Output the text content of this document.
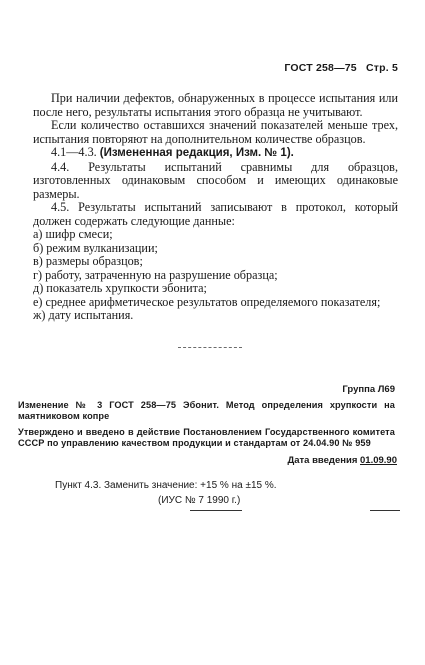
ГОСТ 258—75 Стр. 5

При наличии дефектов, обнаруженных в процессе испытания или после него, результаты испытания этого образца не учитывают.

Если количество оставшихся значений показателей меньше трех, испытания повторяют на дополнительном количестве образцов.

4.1—4.3. (Измененная редакция, Изм. № 1).

4.4. Результаты испытаний сравнимы для образцов, изготовленных одинаковым способом и имеющих одинаковые размеры.

4.5. Результаты испытаний записывают в протокол, который должен содержать следующие данные:

а) шифр смеси;
б) режим вулканизации;
в) размеры образцов;
г) работу, затраченную на разрушение образца;
д) показатель хрупкости эбонита;
е) среднее арифметическое результатов определяемого показателя;
ж) дату испытания.
Группа Л69
Изменение № 3 ГОСТ 258—75 Эбонит. Метод определения хрупкости на маятниковом копре
Утверждено и введено в действие Постановлением Государственного комитета СССР по управлению качеством продукции и стандартам от 24.04.90 № 959
Дата введения 01.09.90
Пункт 4.3. Заменить значение: +15 % на ±15 %.
(ИУС № 7 1990 г.)
